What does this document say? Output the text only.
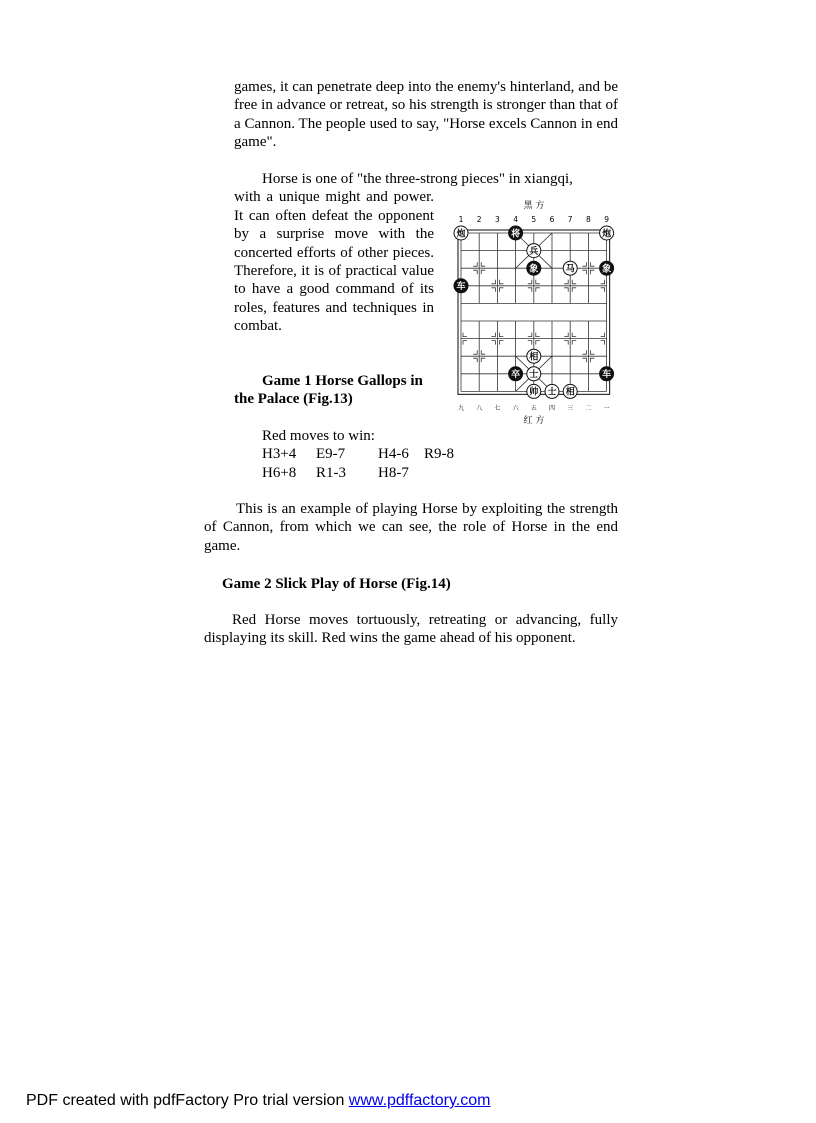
games, it can penetrate deep into the enemy's hinterland, and be free in advance or retreat, so his strength is stronger than that of a Cannon. The people used to say, "Horse excels Cannon in end game".

Horse is one of "the three-strong pieces" in xiangqi,

with a unique might and power. It can often defeat the opponent by a surprise move with the concerted efforts of other pieces. Therefore, it is of practical value to have a good command of its roles, features and techniques in combat.

Game 1 Horse Gallops in the Palace (Fig.13)

Red moves to win:
H3+4 E9-7 H4-6 R9-8
H6+8 R1-3 H8-7

This is an example of playing Horse by exploiting the strength of Cannon, from which we can see, the role of Horse in the end game.

Game 2 Slick Play of Horse (Fig.14)

Red Horse moves tortuously, retreating or advancing, fully displaying its skill. Red wins the game ahead of his opponent.

黑 方
红 方
1 2 3 4 5 6 7 8 9
九 八 七 六 五 四 三 二 一
炮	将	炮
兵
象	马	象
车
相
卒 士	车
帅 士 相
PDF created with pdfFactory Pro trial version www.pdffactory.com
